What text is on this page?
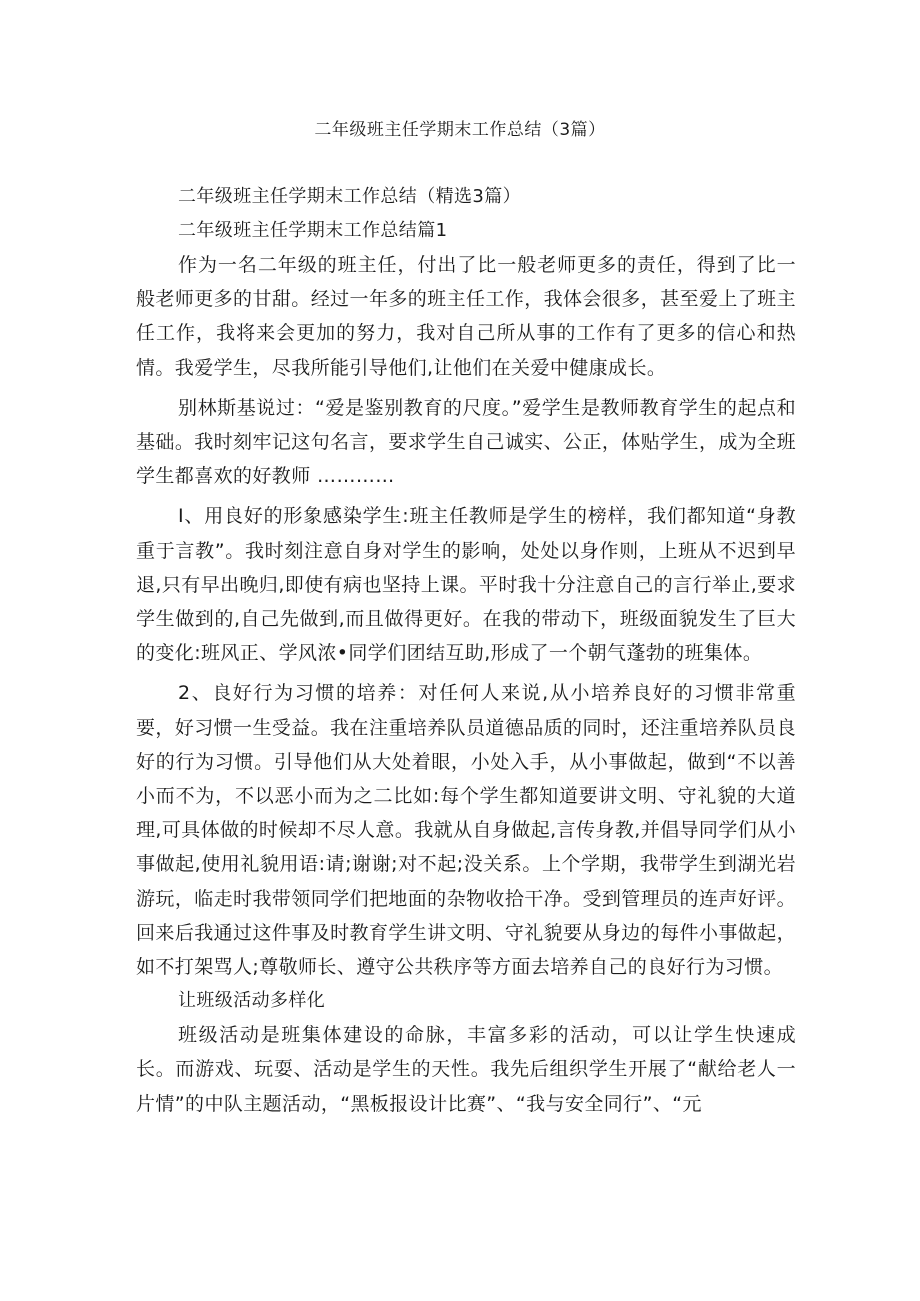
二年级班主任学期末工作总结（3篇）

二年级班主任学期末工作总结（精选3篇）

二年级班主任学期末工作总结篇1

作为一名二年级的班主任，付出了比一般老师更多的责任，得到了比一般老师更多的甘甜。经过一年多的班主任工作，我体会很多，甚至爱上了班主任工作，我将来会更加的努力，我对自己所从事的工作有了更多的信心和热情。我爱学生，尽我所能引导他们,让他们在关爱中健康成长。

别林斯基说过：“爱是鉴别教育的尺度。”爱学生是教师教育学生的起点和基础。我时刻牢记这句名言，要求学生自己诚实、公正，体贴学生，成为全班学生都喜欢的好教师 …………

I、用良好的形象感染学生:班主任教师是学生的榜样，我们都知道“身教重于言教”。我时刻注意自身对学生的影响，处处以身作则，上班从不迟到早退,只有早出晚归,即使有病也坚持上课。平时我十分注意自己的言行举止,要求学生做到的,自己先做到,而且做得更好。在我的带动下，班级面貌发生了巨大的变化:班风正、学风浓•同学们团结互助,形成了一个朝气蓬勃的班集体。

2、良好行为习惯的培养：对任何人来说,从小培养良好的习惯非常重要，好习惯一生受益。我在注重培养队员道德品质的同时，还注重培养队员良好的行为习惯。引导他们从大处着眼，小处入手，从小事做起，做到“不以善小而不为，不以恶小而为之二比如:每个学生都知道要讲文明、守礼貌的大道理,可具体做的时候却不尽人意。我就从自身做起,言传身教,并倡导同学们从小事做起,使用礼貌用语:请;谢谢;对不起;没关系。上个学期，我带学生到湖光岩游玩，临走时我带领同学们把地面的杂物收拾干净。受到管理员的连声好评。回来后我通过这件事及时教育学生讲文明、守礼貌要从身边的每件小事做起，如不打架骂人;尊敬师长、遵守公共秩序等方面去培养自己的良好行为习惯。

让班级活动多样化

班级活动是班集体建设的命脉，丰富多彩的活动，可以让学生快速成长。而游戏、玩耍、活动是学生的天性。我先后组织学生开展了“献给老人一片情”的中队主题活动，“黑板报设计比赛”、“我与安全同行”、“元
